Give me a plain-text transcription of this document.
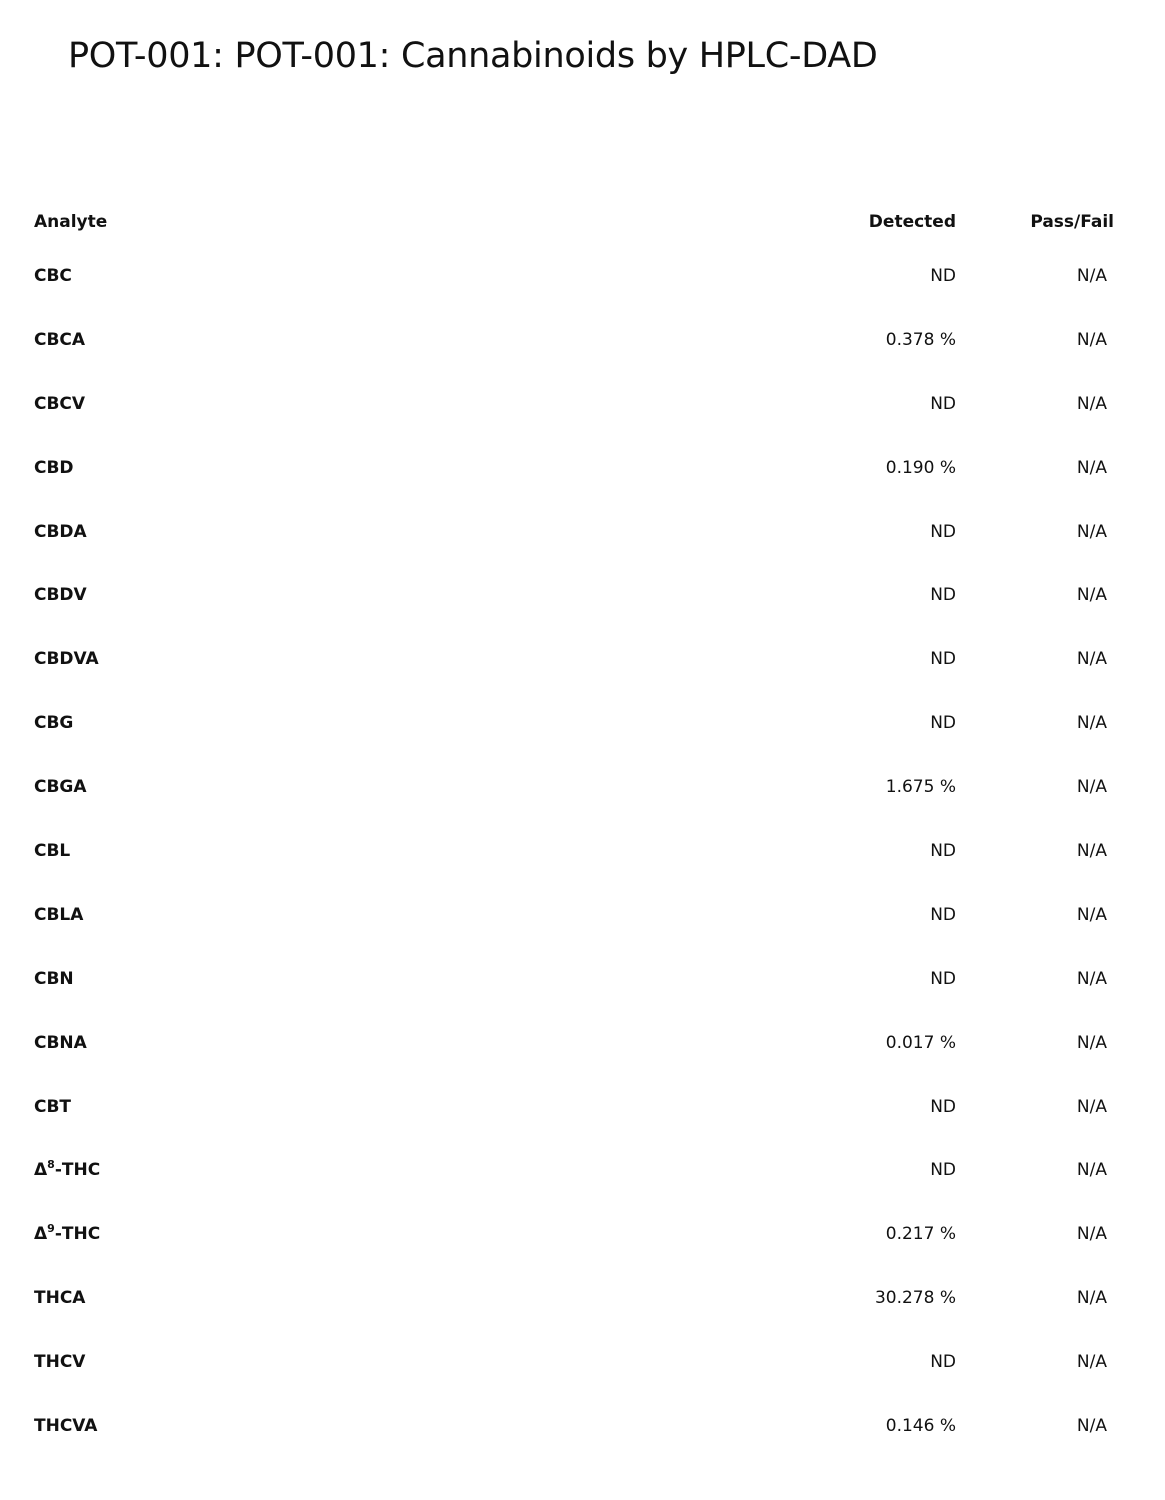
POT-001: POT-001: Cannabinoids by HPLC-DAD
Analyte	Detected	Pass/Fail
CBC	ND	N/A
CBCA	0.378 %	N/A
CBCV	ND	N/A
CBD	0.190 %	N/A
CBDA	ND	N/A
CBDV	ND	N/A
CBDVA	ND	N/A
CBG	ND	N/A
CBGA	1.675 %	N/A
CBL	ND	N/A
CBLA	ND	N/A
CBN	ND	N/A
CBNA	0.017 %	N/A
CBT	ND	N/A
$\Delta^8$-THC	ND	N/A
$\Delta^9$-THC	0.217 %	N/A
THCA	30.278 %	N/A
THCV	ND	N/A
THCVA	0.146 %	N/A
